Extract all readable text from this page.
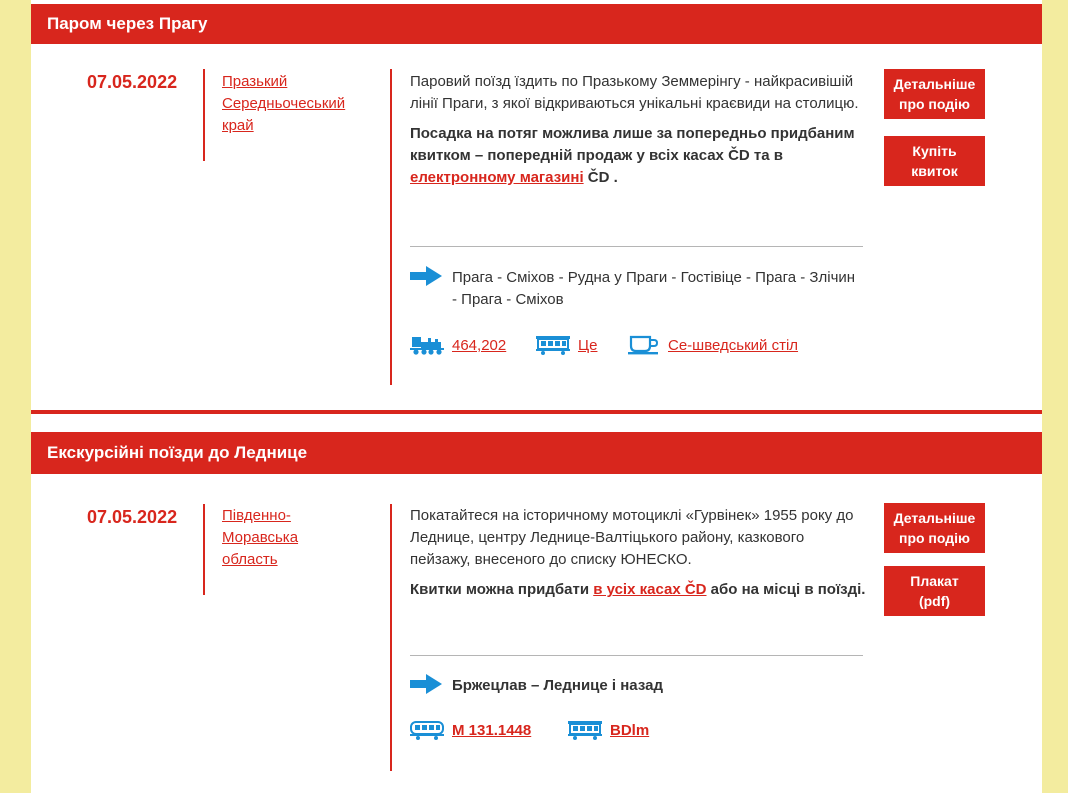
Паром через Прагу
07.05.2022	Празький
Середньочеський
край

Паровий поїзд їздить по Празькому Земмерінгу - найкрасивішій лінії Праги, з якої відкриваються унікальні краєвиди на столицю.

Посадка на потяг можлива лише за попередньо придбаним квитком – попередній продаж у всіх касах ČD та в електронному магазині ČD .

Прага - Сміхов - Рудна у Праги - Гостівіце - Прага - Злічин - Прага - Сміхов
464,202	Це	Се-шведський стіл
Детальніше
про подію
Купіть
квиток
Екскурсійні поїзди до Леднице
07.05.2022	Південно-
Моравська
область

Покатайтеся на історичному мотоциклі «Гурвінек» 1955 року до Леднице, центру Леднице-Валтіцького району, казкового пейзажу, внесеного до списку ЮНЕСКО.

Квитки можна придбати в усіх касах ČD або на місці в поїзді.

Бржецлав – Леднице і назад
M 131.1448	BDlm
Детальніше
про подію
Плакат
(pdf)
